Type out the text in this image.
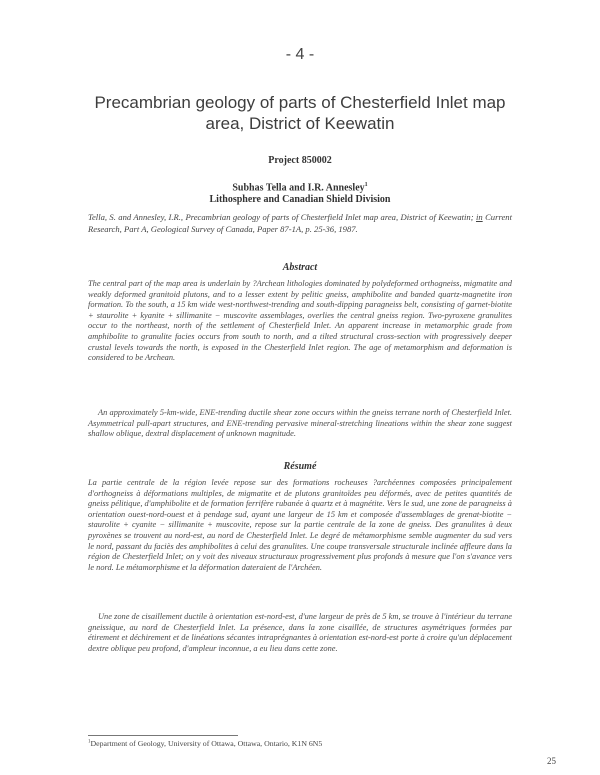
- 4 -
Precambrian geology of parts of Chesterfield Inlet map area, District of Keewatin
Project 850002
Subhas Tella and I.R. Annesley$^1$
Lithosphere and Canadian Shield Division
Tella, S. and Annesley, I.R., Precambrian geology of parts of Chesterfield Inlet map area, District of Keewatin; in Current Research, Part A, Geological Survey of Canada, Paper 87-1A, p. 25-36, 1987.
Abstract
The central part of the map area is underlain by ?Archean lithologies dominated by polydeformed orthogneiss, migmatite and weakly deformed granitoid plutons, and to a lesser extent by pelitic gneiss, amphibolite and banded quartz-magnetite iron formation. To the south, a 15 km wide west-northwest-trending and south-dipping paragneiss belt, consisting of garnet-biotite + staurolite + kyanite + sillimanite − muscovite assemblages, overlies the central gneiss region. Two-pyroxene granulites occur to the northeast, north of the settlement of Chesterfield Inlet. An apparent increase in metamorphic grade from amphibolite to granulite facies occurs from south to north, and a tilted structural cross-section with progressively deeper crustal levels towards the north, is exposed in the Chesterfield Inlet region. The age of metamorphism and deformation is considered to be Archean.
An approximately 5-km-wide, ENE-trending ductile shear zone occurs within the gneiss terrane north of Chesterfield Inlet. Asymmetrical pull-apart structures, and ENE-trending pervasive mineral-stretching lineations within the shear zone suggest shallow oblique, dextral displacement of unknown magnitude.
Résumé
La partie centrale de la région levée repose sur des formations rocheuses ?archéennes composées principalement d'orthogneiss à déformations multiples, de migmatite et de plutons granitoïdes peu déformés, avec de petites quantités de gneiss pélitique, d'amphibolite et de formation ferrifère rubanée à quartz et à magnétite. Vers le sud, une zone de paragneiss à orientation ouest-nord-ouest et à pendage sud, ayant une largeur de 15 km et composée d'assemblages de grenat-biotite − staurolite + cyanite − sillimanite + muscovite, repose sur la partie centrale de la zone de gneiss. Des granulites à deux pyroxènes se trouvent au nord-est, au nord de Chesterfield Inlet. Le degré de métamorphisme semble augmenter du sud vers le nord, passant du faciès des amphibolites à celui des granulites. Une coupe transversale structurale inclinée affleure dans la région de Chesterfield Inlet; on y voit des niveaux structuraux progressivement plus profonds à mesure que l'on s'avance vers le nord. Le métamorphisme et la déformation dateraient de l'Archéen.
Une zone de cisaillement ductile à orientation est-nord-est, d'une largeur de près de 5 km, se trouve à l'intérieur du terrane gneissique, au nord de Chesterfield Inlet. La présence, dans la zone cisaillée, de structures asymétriques formées par étirement et déchirement et de linéations sécantes intraprégnantes à orientation est-nord-est porte à croire qu'un déplacement dextre oblique peu profond, d'ampleur inconnue, a eu lieu dans cette zone.
$^1$Department of Geology, University of Ottawa, Ottawa, Ontario, K1N 6N5
25
